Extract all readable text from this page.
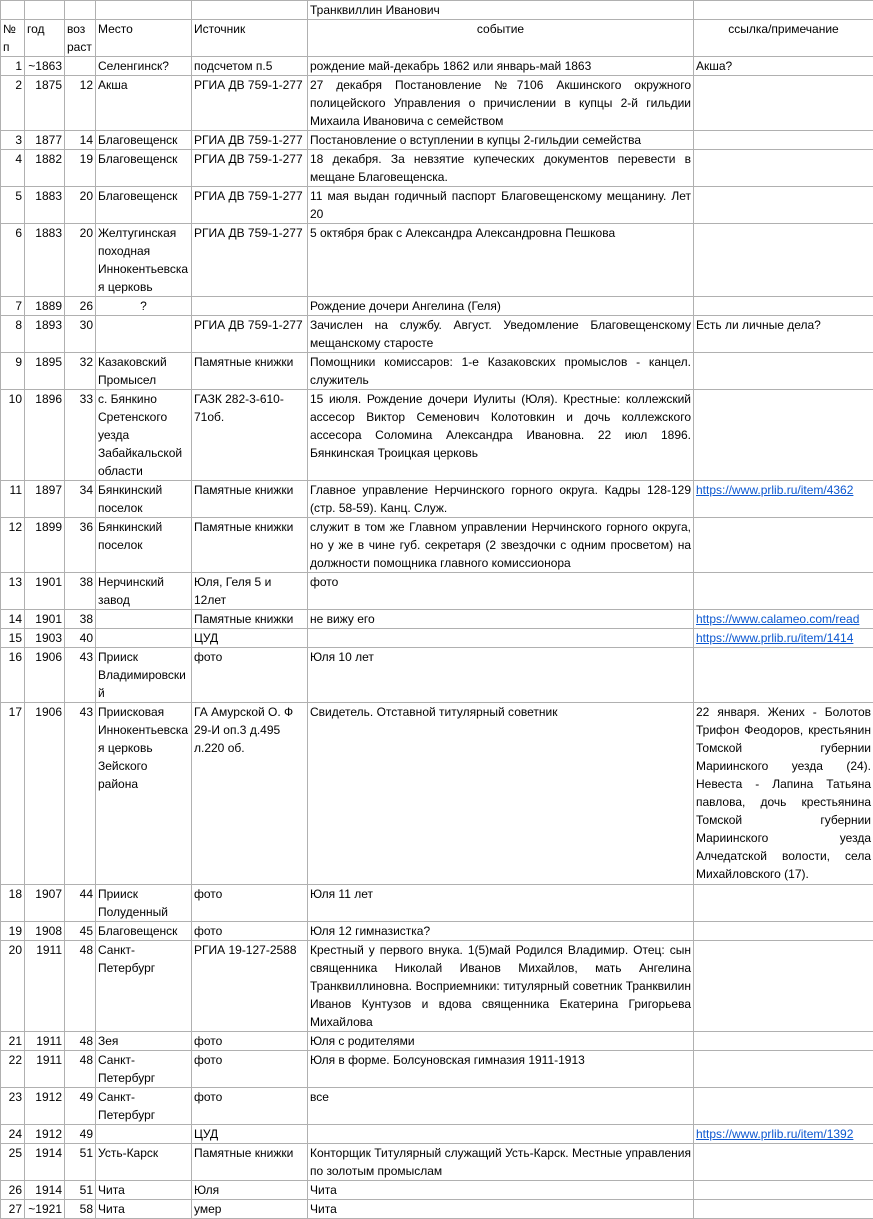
					Транквиллин Иванович	
№ п	год	воз раст	Место	Источник	событие	ссылка/примечание
1	~1863		Селенгинск?	подсчетом п.5	рождение май-декабрь 1862 или январь-май 1863	Акша?
2	1875	12	Акша	РГИА ДВ 759-1-277	27 декабря Постановление №7106 Акшинского окружного полицейского Управления о причислении в купцы 2-й гильдии Михаила Ивановича с семейством	
3	1877	14	Благовещенск	РГИА ДВ 759-1-277	Постановление о вступлении в купцы 2-гильдии семейства	
4	1882	19	Благовещенск	РГИА ДВ 759-1-277	18 декабря. За невзятие купеческих документов перевести в мещане Благовещенска.	
5	1883	20	Благовещенск	РГИА ДВ 759-1-277	11 мая выдан годичный паспорт Благовещенскому мещанину. Лет 20	
6	1883	20	Желтугинская походная Иннокентьевская церковь	РГИА ДВ 759-1-277	5 октября брак с Александра Александровна Пешкова	
7	1889	26	?		Рождение дочери Ангелина (Геля)	
8	1893	30		РГИА ДВ 759-1-277	Зачислен на службу. Август. Уведомление Благовещенскому мещанскому старосте	Есть ли личные дела?
9	1895	32	Казаковский Промысел	Памятные книжки	Помощники комиссаров: 1-е Казаковских промыслов - канцел. служитель	
10	1896	33	с. Бянкино Сретенского уезда Забайкальской области	ГАЗК 282-3-610-71об.	15 июля. Рождение дочери Иулиты (Юля). Крестные: коллежский ассесор Виктор Семенович Колотовкин и дочь коллежского ассесора Соломина Александра Ивановна. 22 июл 1896. Бянкинская Троицкая церковь	
11	1897	34	Бянкинский поселок	Памятные книжки	Главное управление Нерчинского горного округа. Кадры 128-129 (стр. 58-59). Канц. Служ.	https://www.prlib.ru/item/4362
12	1899	36	Бянкинский поселок	Памятные книжки	служит в том же Главном управлении Нерчинского горного округа, но у же в чине губ. секретаря (2 звездочки с одним просветом) на должности помощника главного комиссионора	
13	1901	38	Нерчинский завод	Юля, Геля 5 и 12лет	фото	
14	1901	38		Памятные книжки	не вижу его	https://www.calameo.com/read
15	1903	40		ЦУД		https://www.prlib.ru/item/1414
16	1906	43	Прииск Владимировский	фото	Юля 10 лет	
17	1906	43	Приисковая Иннокентьевская церковь Зейского района	ГА Амурской О. Ф 29-И оп.3 д.495 л.220 об.	Свидетель. Отставной титулярный советник	22 января. Жених - Болотов Трифон Феодоров, крестьянин Томской губернии Мариинского уезда (24). Невеста - Лапина Татьяна павлова, дочь крестьянина Томской губернии Мариинского уезда Алчедатской волости, села Михайловского (17).
18	1907	44	Прииск Полуденный	фото	Юля 11 лет	
19	1908	45	Благовещенск	фото	Юля 12 гимназистка?	
20	1911	48	Санкт-Петербург	РГИА 19-127-2588	Крестный у первого внука. 1(5)май Родился Владимир. Отец: сын священника Николай Иванов Михайлов, мать Ангелина Транквиллиновна. Восприемники: титулярный советник Транквилин Иванов Кунтузов и вдова священника Екатерина Григорьева Михайлова	
21	1911	48	Зея	фото	Юля с родителями	
22	1911	48	Санкт-Петербург	фото	Юля в форме. Болсуновская гимназия 1911-1913	
23	1912	49	Санкт-Петербург	фото	все	
24	1912	49		ЦУД		https://www.prlib.ru/item/1392
25	1914	51	Усть-Карск	Памятные книжки	Конторщик Титулярный служащий Усть-Карск. Местные управления по золотым промыслам	
26	1914	51	Чита	Юля	Чита	
27	~1921	58	Чита	умер	Чита	
